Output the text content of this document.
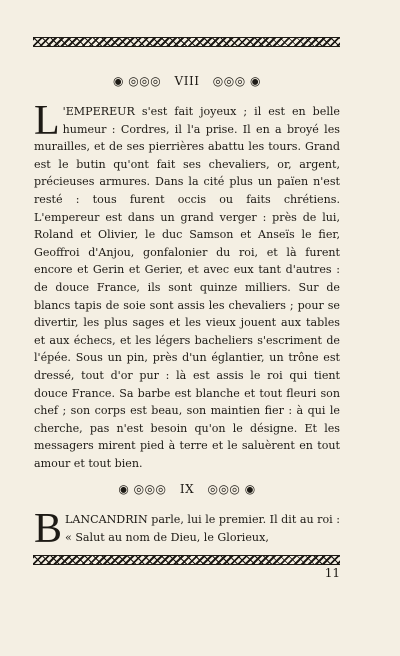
◉ ◎◎◎ VIII ◎◎◎ ◉
L 'EMPEREUR s'est fait joyeux ; il est en belle humeur : Cordres, il l'a prise. Il en a broyé les murailles, et de ses pierrières abattu les tours. Grand est le butin qu'ont fait ses chevaliers, or, argent, précieuses armures. Dans la cité plus un païen n'est resté : tous furent occis ou faits chrétiens. L'empereur est dans un grand verger : près de lui, Roland et Olivier, le duc Samson et Anseïs le fier, Geoffroi d'Anjou, gonfalonier du roi, et là furent encore et Gerin et Gerier, et avec eux tant d'autres : de douce France, ils sont quinze milliers. Sur de blancs tapis de soie sont assis les chevaliers ; pour se divertir, les plus sages et les vieux jouent aux tables et aux échecs, et les légers bacheliers s'escriment de l'épée. Sous un pin, près d'un églantier, un trône est dressé, tout d'or pur : là est assis le roi qui tient douce France. Sa barbe est blanche et tout fleuri son chef ; son corps est beau, son maintien fier : à qui le cherche, pas n'est besoin qu'on le désigne. Et les messagers mirent pied à terre et le saluèrent en tout amour et tout bien.
◉ ◎◎◎ IX ◎◎◎ ◉
BLANCANDRIN parle, lui le premier. Il dit au roi : « Salut au nom de Dieu, le Glorieux,
11
